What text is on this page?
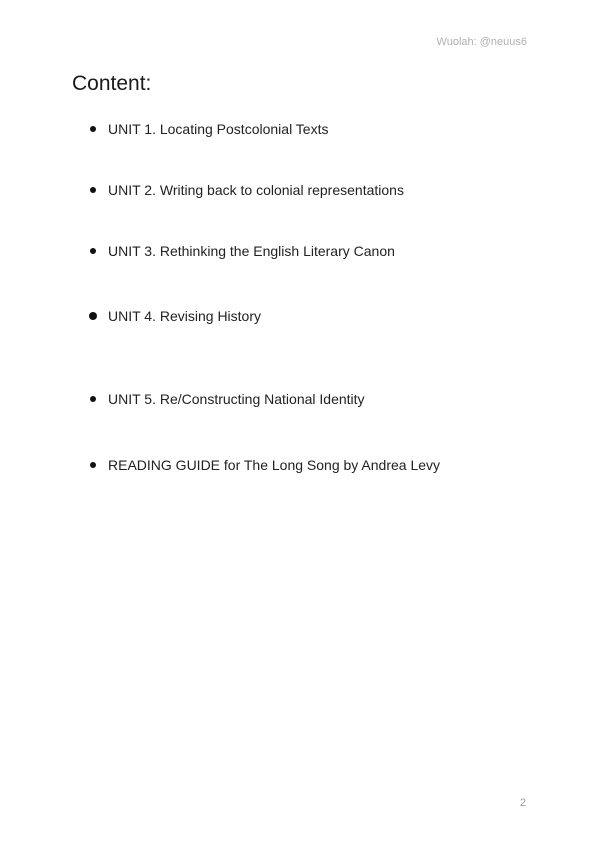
Wuolah: @neuus6
Content:
UNIT 1. Locating Postcolonial Texts
UNIT 2. Writing back to colonial representations
UNIT 3. Rethinking the English Literary Canon
UNIT 4. Revising History
UNIT 5. Re/Constructing National Identity
READING GUIDE for The Long Song by Andrea Levy
2
